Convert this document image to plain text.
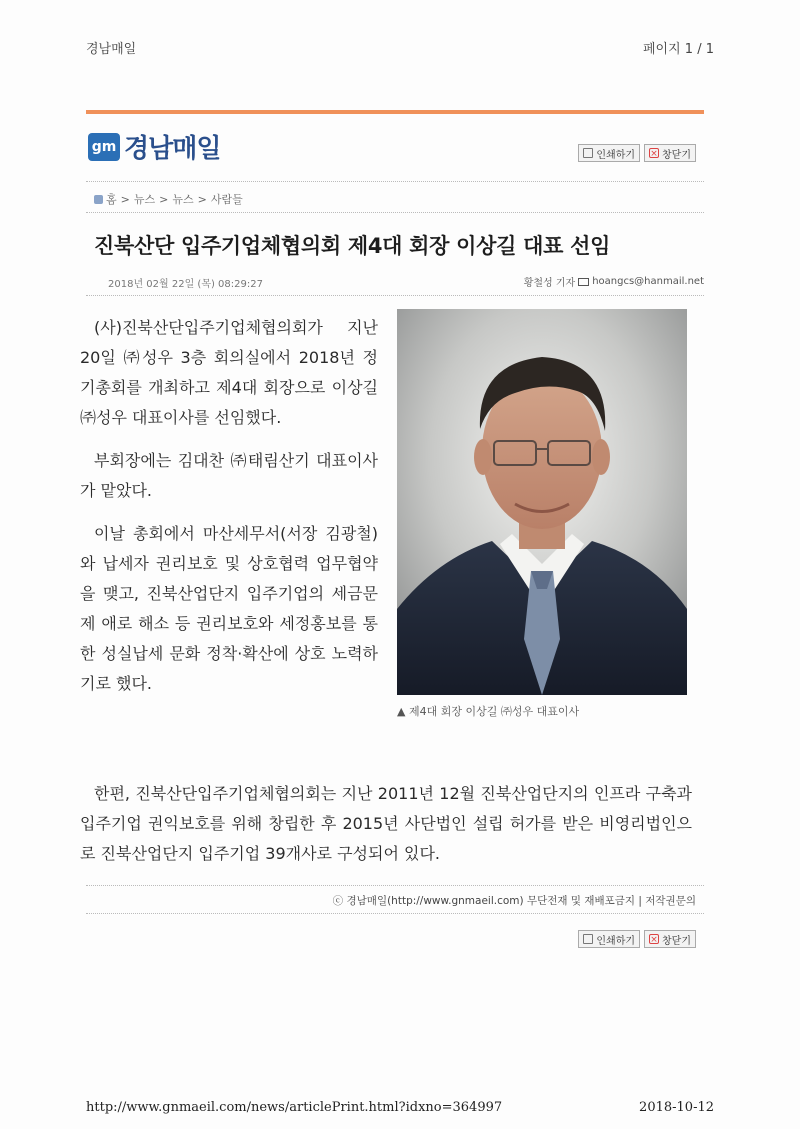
경남매일	페이지 1 / 1
gm 경남매일	인쇄하기 × 창닫기
홈 > 뉴스 > 뉴스 > 사람들
진북산단 입주기업체협의회 제4대 회장 이상길 대표 선임
2018년 02월 22일 (목) 08:29:27	황철성 기자 hoangcs@hanmail.net

(사)진북산단입주기업체협의회가 지난 20일 ㈜성우 3층 회의실에서 2018년 정기총회를 개최하고 제4대 회장으로 이상길 ㈜성우 대표이사를 선임했다.

부회장에는 김대찬 ㈜태림산기 대표이사가 맡았다.

이날 총회에서 마산세무서(서장 김광철)와 납세자 권리보호 및 상호협력 업무협약을 맺고, 진북산업단지 입주기업의 세금문제 애로 해소 등 권리보호와 세정홍보를 통한 성실납세 문화 정착·확산에 상호 노력하기로 했다.

▲ 제4대 회장 이상길 ㈜성우 대표이사

한편, 진북산단입주기업체협의회는 지난 2011년 12월 진북산업단지의 인프라 구축과 입주기업 권익보호를 위해 창립한 후 2015년 사단법인 설립 허가를 받은 비영리법인으로 진북산업단지 입주기업 39개사로 구성되어 있다.

ⓒ 경남매일(http://www.gnmaeil.com) 무단전재 및 재배포금지 | 저작권문의
인쇄하기 × 창닫기
http://www.gnmaeil.com/news/articlePrint.html?idxno=364997	2018-10-12
